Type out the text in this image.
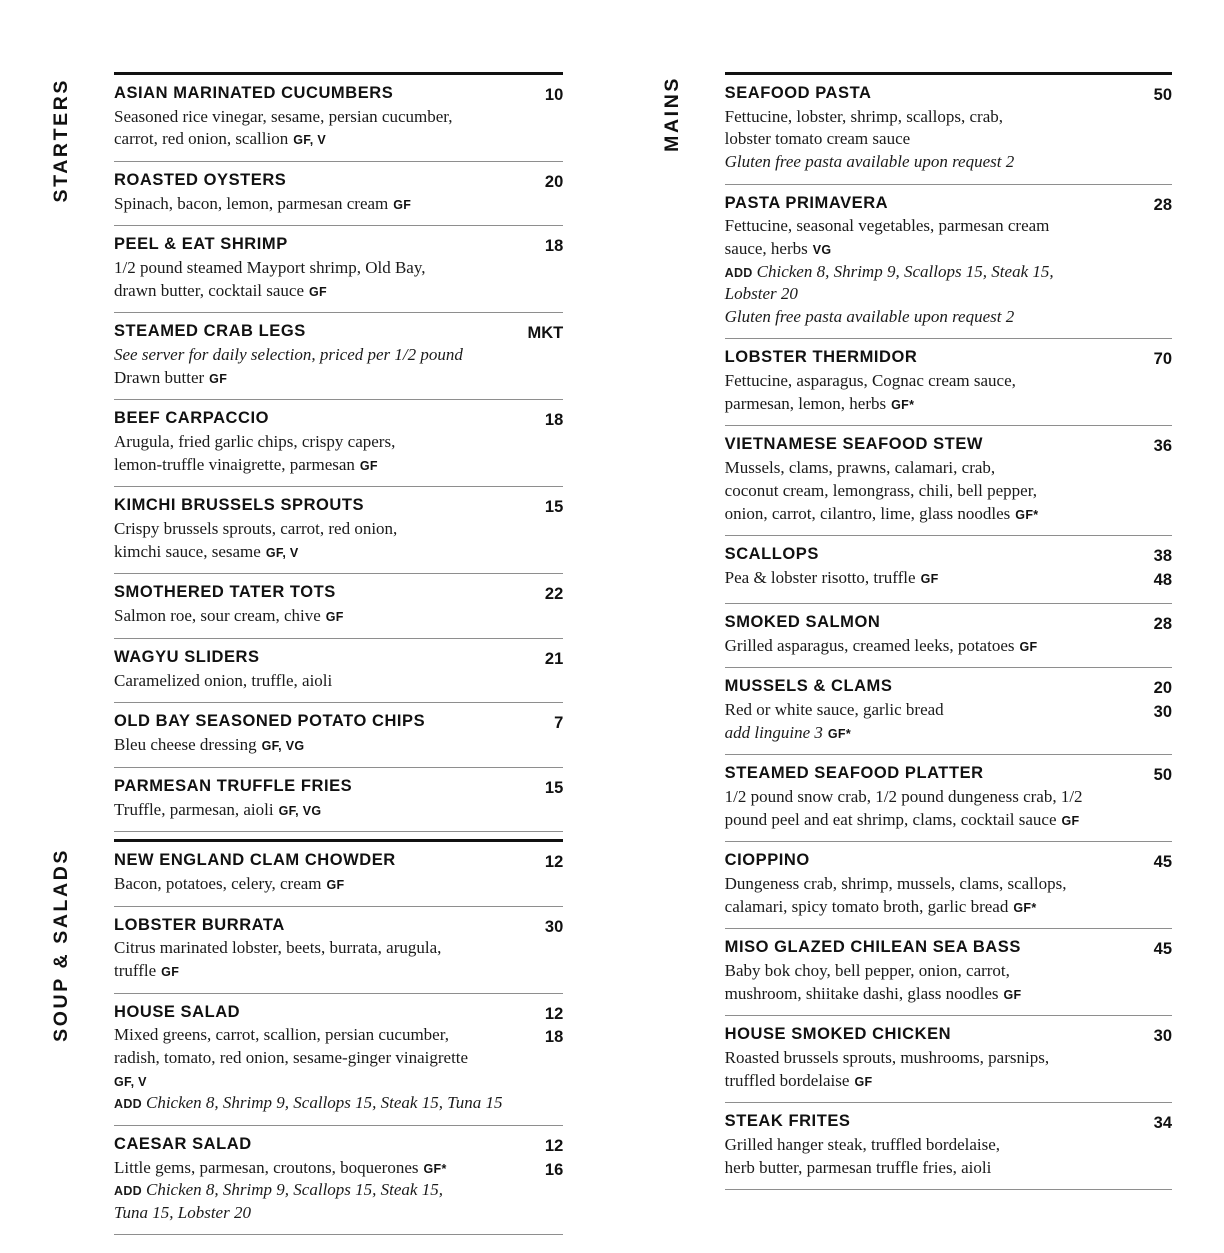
STARTERS	ASIAN MARINATED CUCUMBERS
Seasoned rice vinegar, sesame, persian cucumber,
carrot, red onion, scallion GF, V
10
ROASTED OYSTERS
Spinach, bacon, lemon, parmesan cream GF
20
PEEL & EAT SHRIMP
1/2 pound steamed Mayport shrimp, Old Bay,
drawn butter, cocktail sauce GF
18
STEAMED CRAB LEGS
See server for daily selection, priced per 1/2 pound
Drawn butter GF
MKT
BEEF CARPACCIO
Arugula, fried garlic chips, crispy capers,
lemon-truffle vinaigrette, parmesan GF
18
KIMCHI BRUSSELS SPROUTS
Crispy brussels sprouts, carrot, red onion,
kimchi sauce, sesame GF, V
15
SMOTHERED TATER TOTS
Salmon roe, sour cream, chive GF
22
WAGYU SLIDERS
Caramelized onion, truffle, aioli
21
OLD BAY SEASONED POTATO CHIPS
Bleu cheese dressing GF, VG
7
PARMESAN TRUFFLE FRIES
Truffle, parmesan, aioli GF, VG
15
SOUP & SALADS	NEW ENGLAND CLAM CHOWDER
Bacon, potatoes, celery, cream GF
12
LOBSTER BURRATA
Citrus marinated lobster, beets, burrata, arugula,
truffle GF
30
HOUSE SALAD
Mixed greens, carrot, scallion, persian cucumber,
radish, tomato, red onion, sesame-ginger vinaigrette
GF, V
ADD Chicken 8, Shrimp 9, Scallops 15, Steak 15, Tuna 15
12
18
CAESAR SALAD
Little gems, parmesan, croutons, boquerones GF*
ADD Chicken 8, Shrimp 9, Scallops 15, Steak 15,
Tuna 15, Lobster 20
12
16
MAINS	SEAFOOD PASTA
Fettucine, lobster, shrimp, scallops, crab,
lobster tomato cream sauce
Gluten free pasta available upon request 2
50
PASTA PRIMAVERA
Fettucine, seasonal vegetables, parmesan cream
sauce, herbs VG
ADD Chicken 8, Shrimp 9, Scallops 15, Steak 15,
Lobster 20
Gluten free pasta available upon request 2
28
LOBSTER THERMIDOR
Fettucine, asparagus, Cognac cream sauce,
parmesan, lemon, herbs GF*
70
VIETNAMESE SEAFOOD STEW
Mussels, clams, prawns, calamari, crab,
coconut cream, lemongrass, chili, bell pepper,
onion, carrot, cilantro, lime, glass noodles GF*
36
SCALLOPS
Pea & lobster risotto, truffle GF
38
48
SMOKED SALMON
Grilled asparagus, creamed leeks, potatoes GF
28
MUSSELS & CLAMS
Red or white sauce, garlic bread
add linguine 3 GF*
20
30
STEAMED SEAFOOD PLATTER
1/2 pound snow crab, 1/2 pound dungeness crab, 1/2
pound peel and eat shrimp, clams, cocktail sauce GF
50
CIOPPINO
Dungeness crab, shrimp, mussels, clams, scallops,
calamari, spicy tomato broth, garlic bread GF*
45
MISO GLAZED CHILEAN SEA BASS
Baby bok choy, bell pepper, onion, carrot,
mushroom, shiitake dashi, glass noodles GF
45
HOUSE SMOKED CHICKEN
Roasted brussels sprouts, mushrooms, parsnips,
truffled bordelaise GF
30
STEAK FRITES
Grilled hanger steak, truffled bordelaise,
herb butter, parmesan truffle fries, aioli
34
